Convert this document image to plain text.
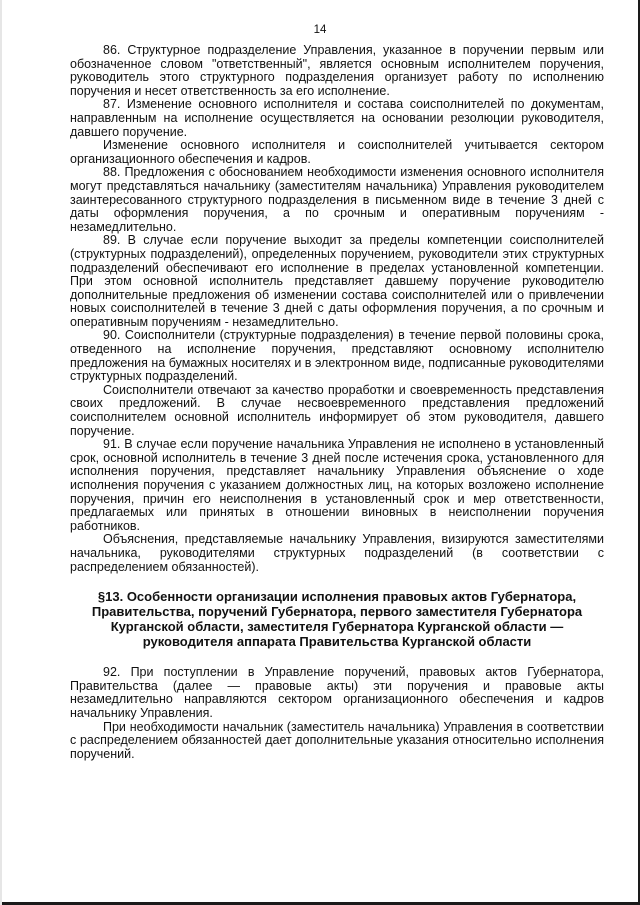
14

86. Структурное подразделение Управления, указанное в поручении первым или обозначенное словом "ответственный", является основным исполнителем поручения, руководитель этого структурного подразделения организует работу по исполнению поручения и несет ответственность за его исполнение.

87. Изменение основного исполнителя и состава соисполнителей по документам, направленным на исполнение осуществляется на основании резолюции руководителя, давшего поручение.

Изменение основного исполнителя и соисполнителей учитывается сектором организационного обеспечения и кадров.

88. Предложения с обоснованием необходимости изменения основного исполнителя могут представляться начальнику (заместителям начальника) Управления руководителем заинтересованного структурного подразделения в письменном виде в течение 3 дней с даты оформления поручения, а по срочным и оперативным поручениям - незамедлительно.

89. В случае если поручение выходит за пределы компетенции соисполнителей (структурных подразделений), определенных поручением, руководители этих структурных подразделений обеспечивают его исполнение в пределах установленной компетенции. При этом основной исполнитель представляет давшему поручение руководителю дополнительные предложения об изменении состава соисполнителей или о привлечении новых соисполнителей в течение 3 дней с даты оформления поручения, а по срочным и оперативным поручениям - незамедлительно.

90. Соисполнители (структурные подразделения) в течение первой половины срока, отведенного на исполнение поручения, представляют основному исполнителю предложения на бумажных носителях и в электронном виде, подписанные руководителями структурных подразделений.

Соисполнители отвечают за качество проработки и своевременность представления своих предложений. В случае несвоевременного представления предложений соисполнителем основной исполнитель информирует об этом руководителя, давшего поручение.

91. В случае если поручение начальника Управления не исполнено в установленный срок, основной исполнитель в течение 3 дней после истечения срока, установленного для исполнения поручения, представляет начальнику Управления объяснение о ходе исполнения поручения с указанием должностных лиц, на которых возложено исполнение поручения, причин его неисполнения в установленный срок и мер ответственности, предлагаемых или принятых в отношении виновных в неисполнении поручения работников.

Объяснения, представляемые начальнику Управления, визируются заместителями начальника, руководителями структурных подразделений (в соответствии с распределением обязанностей).

§13. Особенности организации исполнения правовых актов Губернатора, Правительства, поручений Губернатора, первого заместителя Губернатора Курганской области, заместителя Губернатора Курганской области — руководителя аппарата Правительства Курганской области

92. При поступлении в Управление поручений, правовых актов Губернатора, Правительства (далее — правовые акты) эти поручения и правовые акты незамедлительно направляются сектором организационного обеспечения и кадров начальнику Управления.

При необходимости начальник (заместитель начальника) Управления в соответствии с распределением обязанностей дает дополнительные указания относительно исполнения поручений.
